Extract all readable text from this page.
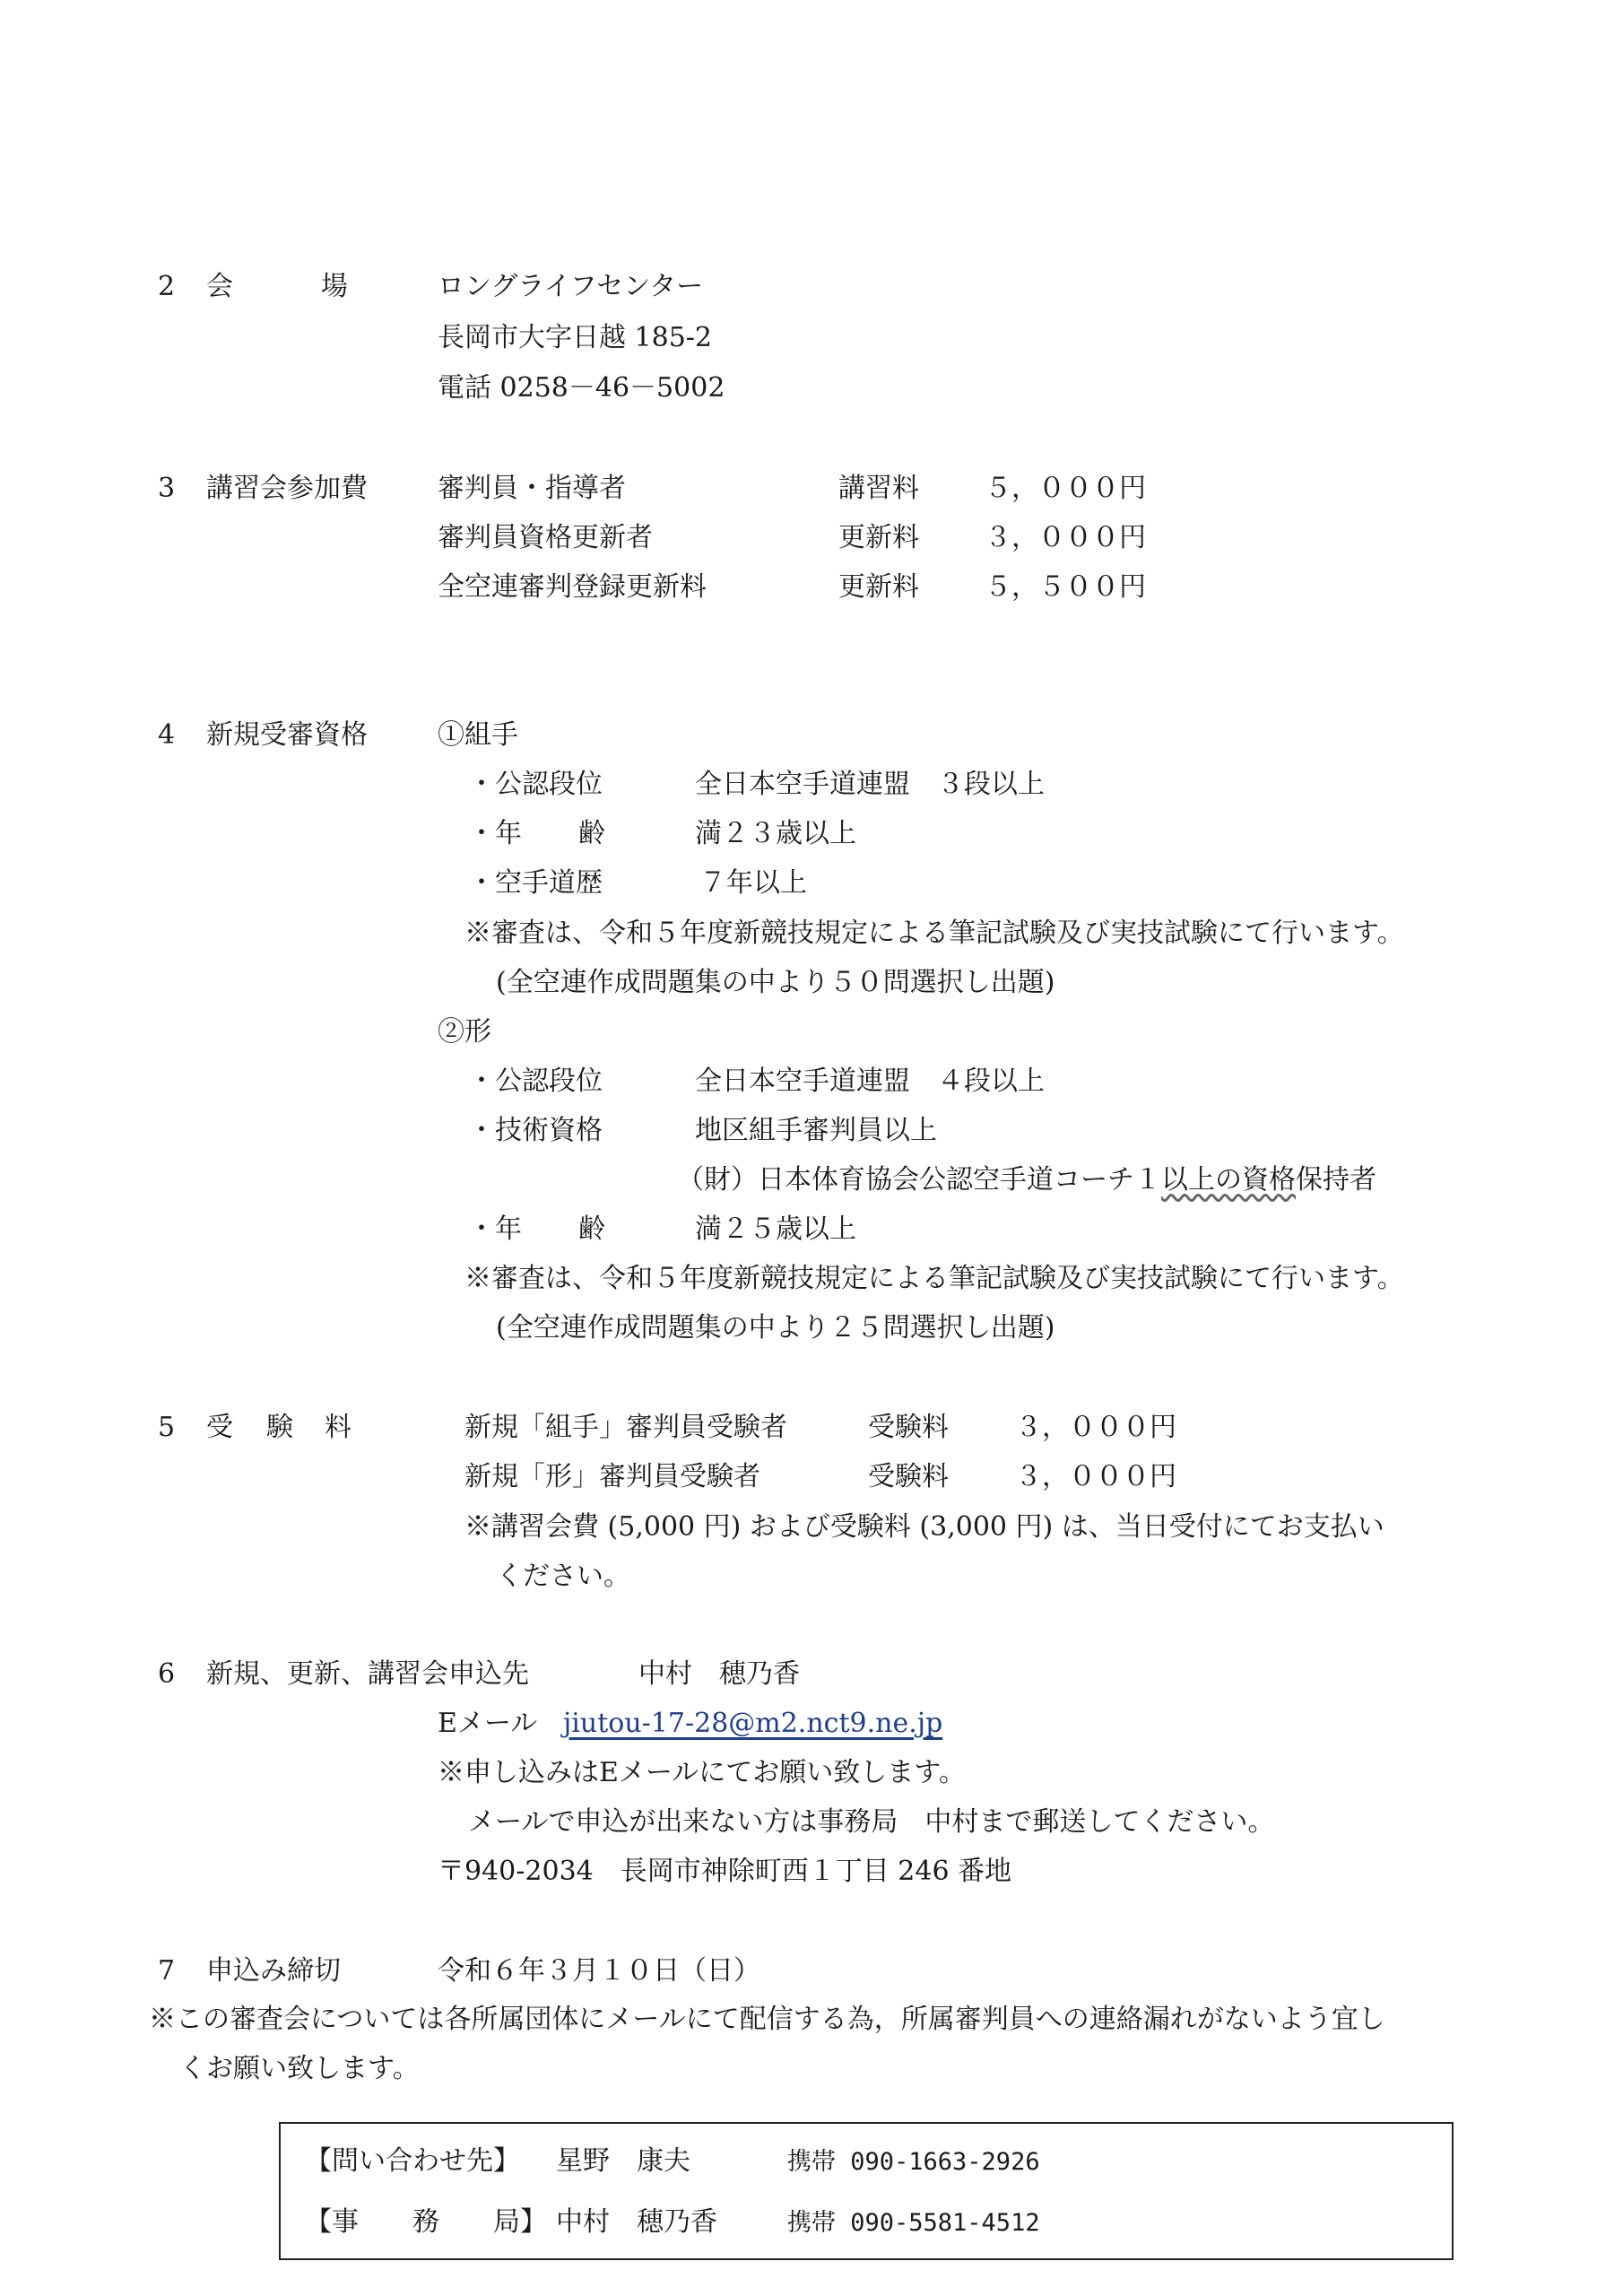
2 会	場	ロングライフセンター
長岡市大字日越 185-2
電話 0258－46－5002
3 講習会参加費	審判員・指導者	講習料 ５，０００円
審判員資格更新者	更新料 ３，０００円
全空連審判登録更新料	更新料 ５，５００円
4 新規受審資格	①組手
・公認段位	全日本空手道連盟　３段以上
・年 齢	満２３歳以上
・空手道歴	７年以上
※審査は、令和５年度新競技規定による筆記試験及び実技試験にて行います。
(全空連作成問題集の中より５０問選択し出題)
②形
・公認段位	全日本空手道連盟　４段以上
・技術資格	地区組手審判員以上
（財）日本体育協会公認空手道コーチ１以上の資格保持者
・年 齢	満２５歳以上
※審査は、令和５年度新競技規定による筆記試験及び実技試験にて行います。
(全空連作成問題集の中より２５問選択し出題)
5 受 験 料	新規「組手」審判員受験者	受験料 ３，０００円
新規「形」審判員受験者	受験料 ３，０００円
※講習会費 (5,000 円) および受験料 (3,000 円) は、当日受付にてお支払い
ください。
6 新規、更新、講習会申込先	中村　穂乃香
Eメール jiutou-17-28@m2.nct9.ne.jp
※申し込みはEメールにてお願い致します。
メールで申込が出来ない方は事務局　中村まで郵送してください。
〒940-2034　長岡市神除町西１丁目 246 番地
7 申込み締切	令和６年３月１０日（日）
※この審査会については各所属団体にメールにて配信する為，所属審判員への連絡漏れがないよう宜し
くお願い致します。
【問い合わせ先】 星野　康夫	携帯 090-1663-2926
【事　　務　　局】 中村　穂乃香	携帯 090-5581-4512
